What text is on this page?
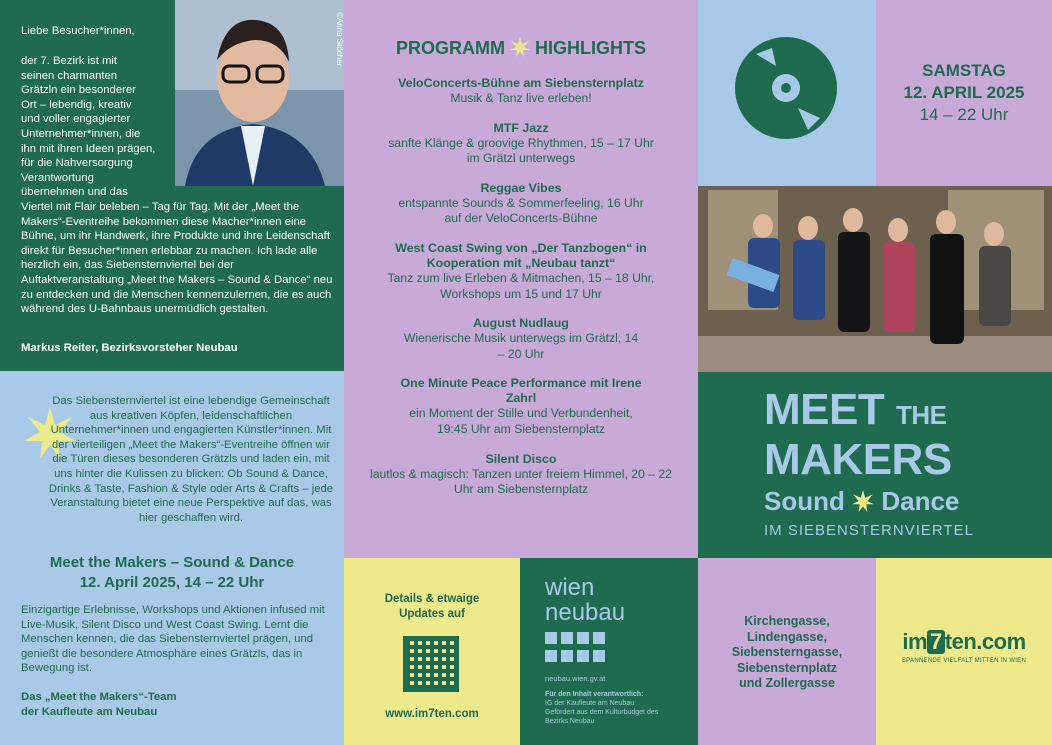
©Anna Stöcher
Liebe Besucher*innen,
der 7. Bezirk ist mit
seinen charmanten
Grätzln ein besonderer
Ort – lebendig, kreativ
und voller engagierter
Unternehmer*innen, die
ihn mit ihren Ideen prägen,
für die Nahversorgung
Verantwortung
übernehmen und das

Viertel mit Flair beleben – Tag für Tag. Mit der „Meet the Makers“-Eventreihe bekommen diese Macher*innen eine Bühne, um ihr Handwerk, ihre Produkte und ihre Leidenschaft direkt für Besucher*innen erlebbar zu machen. Ich lade alle herzlich ein, das Siebensternviertel bei der Auftaktveranstaltung „Meet the Makers – Sound & Dance“ neu zu entdecken und die Menschen kennenzulernen, die es auch während des U-Bahnbaus unermüdlich gestalten.

Markus Reiter, Bezirksvorsteher Neubau

Das Siebensternviertel ist eine lebendige Gemeinschaft aus kreativen Köpfen, leidenschaftlichen Unternehmer*innen und engagierten Künstler*innen. Mit der vierteiligen „Meet the Makers“-Eventreihe öffnen wir die Türen dieses besonderen Grätzls und laden ein, mit uns hinter die Kulissen zu blicken: Ob Sound & Dance, Drinks & Taste, Fashion & Style oder Arts & Crafts – jede Veranstaltung bietet eine neue Perspektive auf das, was hier geschaffen wird.

Meet the Makers – Sound & Dance
12. April 2025, 14 – 22 Uhr

Einzigartige Erlebnisse, Workshops und Aktionen infused mit Live-Musik, Silent Disco und West Coast Swing. Lernt die Menschen kennen, die das Siebensternviertel prägen, und genießt die besondere Atmosphäre eines Grätzls, das in Bewegung ist.

Das „Meet the Makers“-Team
der Kaufleute am Neubau
PROGRAMM HIGHLIGHTS

VeloConcerts-Bühne am Siebensternplatz

Musik & Tanz live erleben!

MTF Jazz

sanfte Klänge & groovige Rhythmen, 15 – 17 Uhr im Grätzl unterwegs

Reggae Vibes

entspannte Sounds & Sommerfeeling, 16 Uhr auf der VeloConcerts-Bühne

West Coast Swing von „Der Tanzbogen“ in Kooperation mit „Neubau tanzt“

Tanz zum live Erleben & Mitmachen, 15 – 18 Uhr, Workshops um 15 und 17 Uhr

August Nudlaug

Wienerische Musik unterwegs im Grätzl, 14 – 20 Uhr

One Minute Peace Performance mit Irene Zahrl

ein Moment der Stille und Verbundenheit, 19:45 Uhr am Siebensternplatz

Silent Disco

lautlos & magisch: Tanzen unter freiem Himmel, 20 – 22 Uhr am Siebensternplatz

SAMSTAG
12. APRIL 2025
14 – 22 Uhr
MEET THE
MAKERS
Sound Dance
IM SIEBENSTERNVIERTEL
Details & etwaige
Updates auf
www.im7ten.com
wien
neubau
neubau.wien.gv.at
Für den Inhalt verantwortlich:
IG der Kaufleute am Neubau
Gefördert aus dem Kulturbudget des
Bezirks Neubau
Kirchengasse,
Lindengasse,
Siebensterngasse,
Siebensternplatz
und Zollergasse
im 7 ten.com
SPANNENDE VIELFALT MITTEN IN WIEN
